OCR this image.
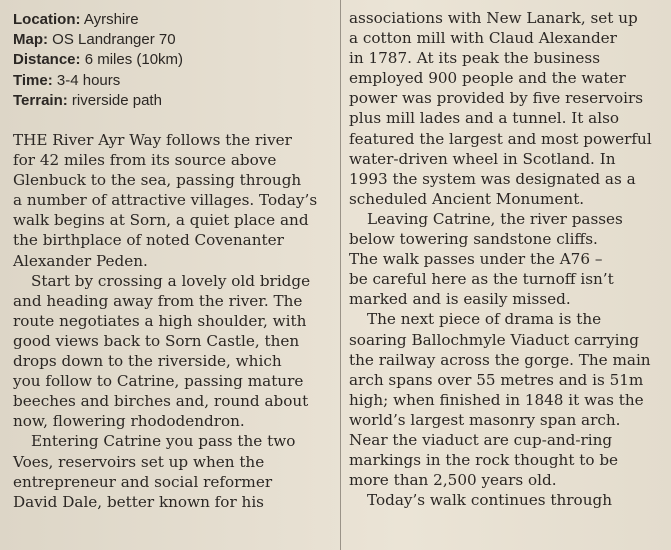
Location: Ayrshire
Map: OS Landranger 70
Distance: 6 miles (10km)
Time: 3-4 hours
Terrain: riverside path
THE River Ayr Way follows the river
for 42 miles from its source above
Glenbuck to the sea, passing through
a number of attractive villages. Today’s
walk begins at Sorn, a quiet place and
the birthplace of noted Covenanter
Alexander Peden.
Start by crossing a lovely old bridge
and heading away from the river. The
route negotiates a high shoulder, with
good views back to Sorn Castle, then
drops down to the riverside, which
you follow to Catrine, passing mature
beeches and birches and, round about
now, flowering rhododendron.
Entering Catrine you pass the two
Voes, reservoirs set up when the
entrepreneur and social reformer
David Dale, better known for his
associations with New Lanark, set up
a cotton mill with Claud Alexander
in 1787. At its peak the business
employed 900 people and the water
power was provided by five reservoirs
plus mill lades and a tunnel. It also
featured the largest and most powerful
water-driven wheel in Scotland. In
1993 the system was designated as a
scheduled Ancient Monument.
Leaving Catrine, the river passes
below towering sandstone cliffs.
The walk passes under the A76 –
be careful here as the turnoff isn’t
marked and is easily missed.
The next piece of drama is the
soaring Ballochmyle Viaduct carrying
the railway across the gorge. The main
arch spans over 55 metres and is 51m
high; when finished in 1848 it was the
world’s largest masonry span arch.
Near the viaduct are cup-and-ring
markings in the rock thought to be
more than 2,500 years old.
Today’s walk continues through
